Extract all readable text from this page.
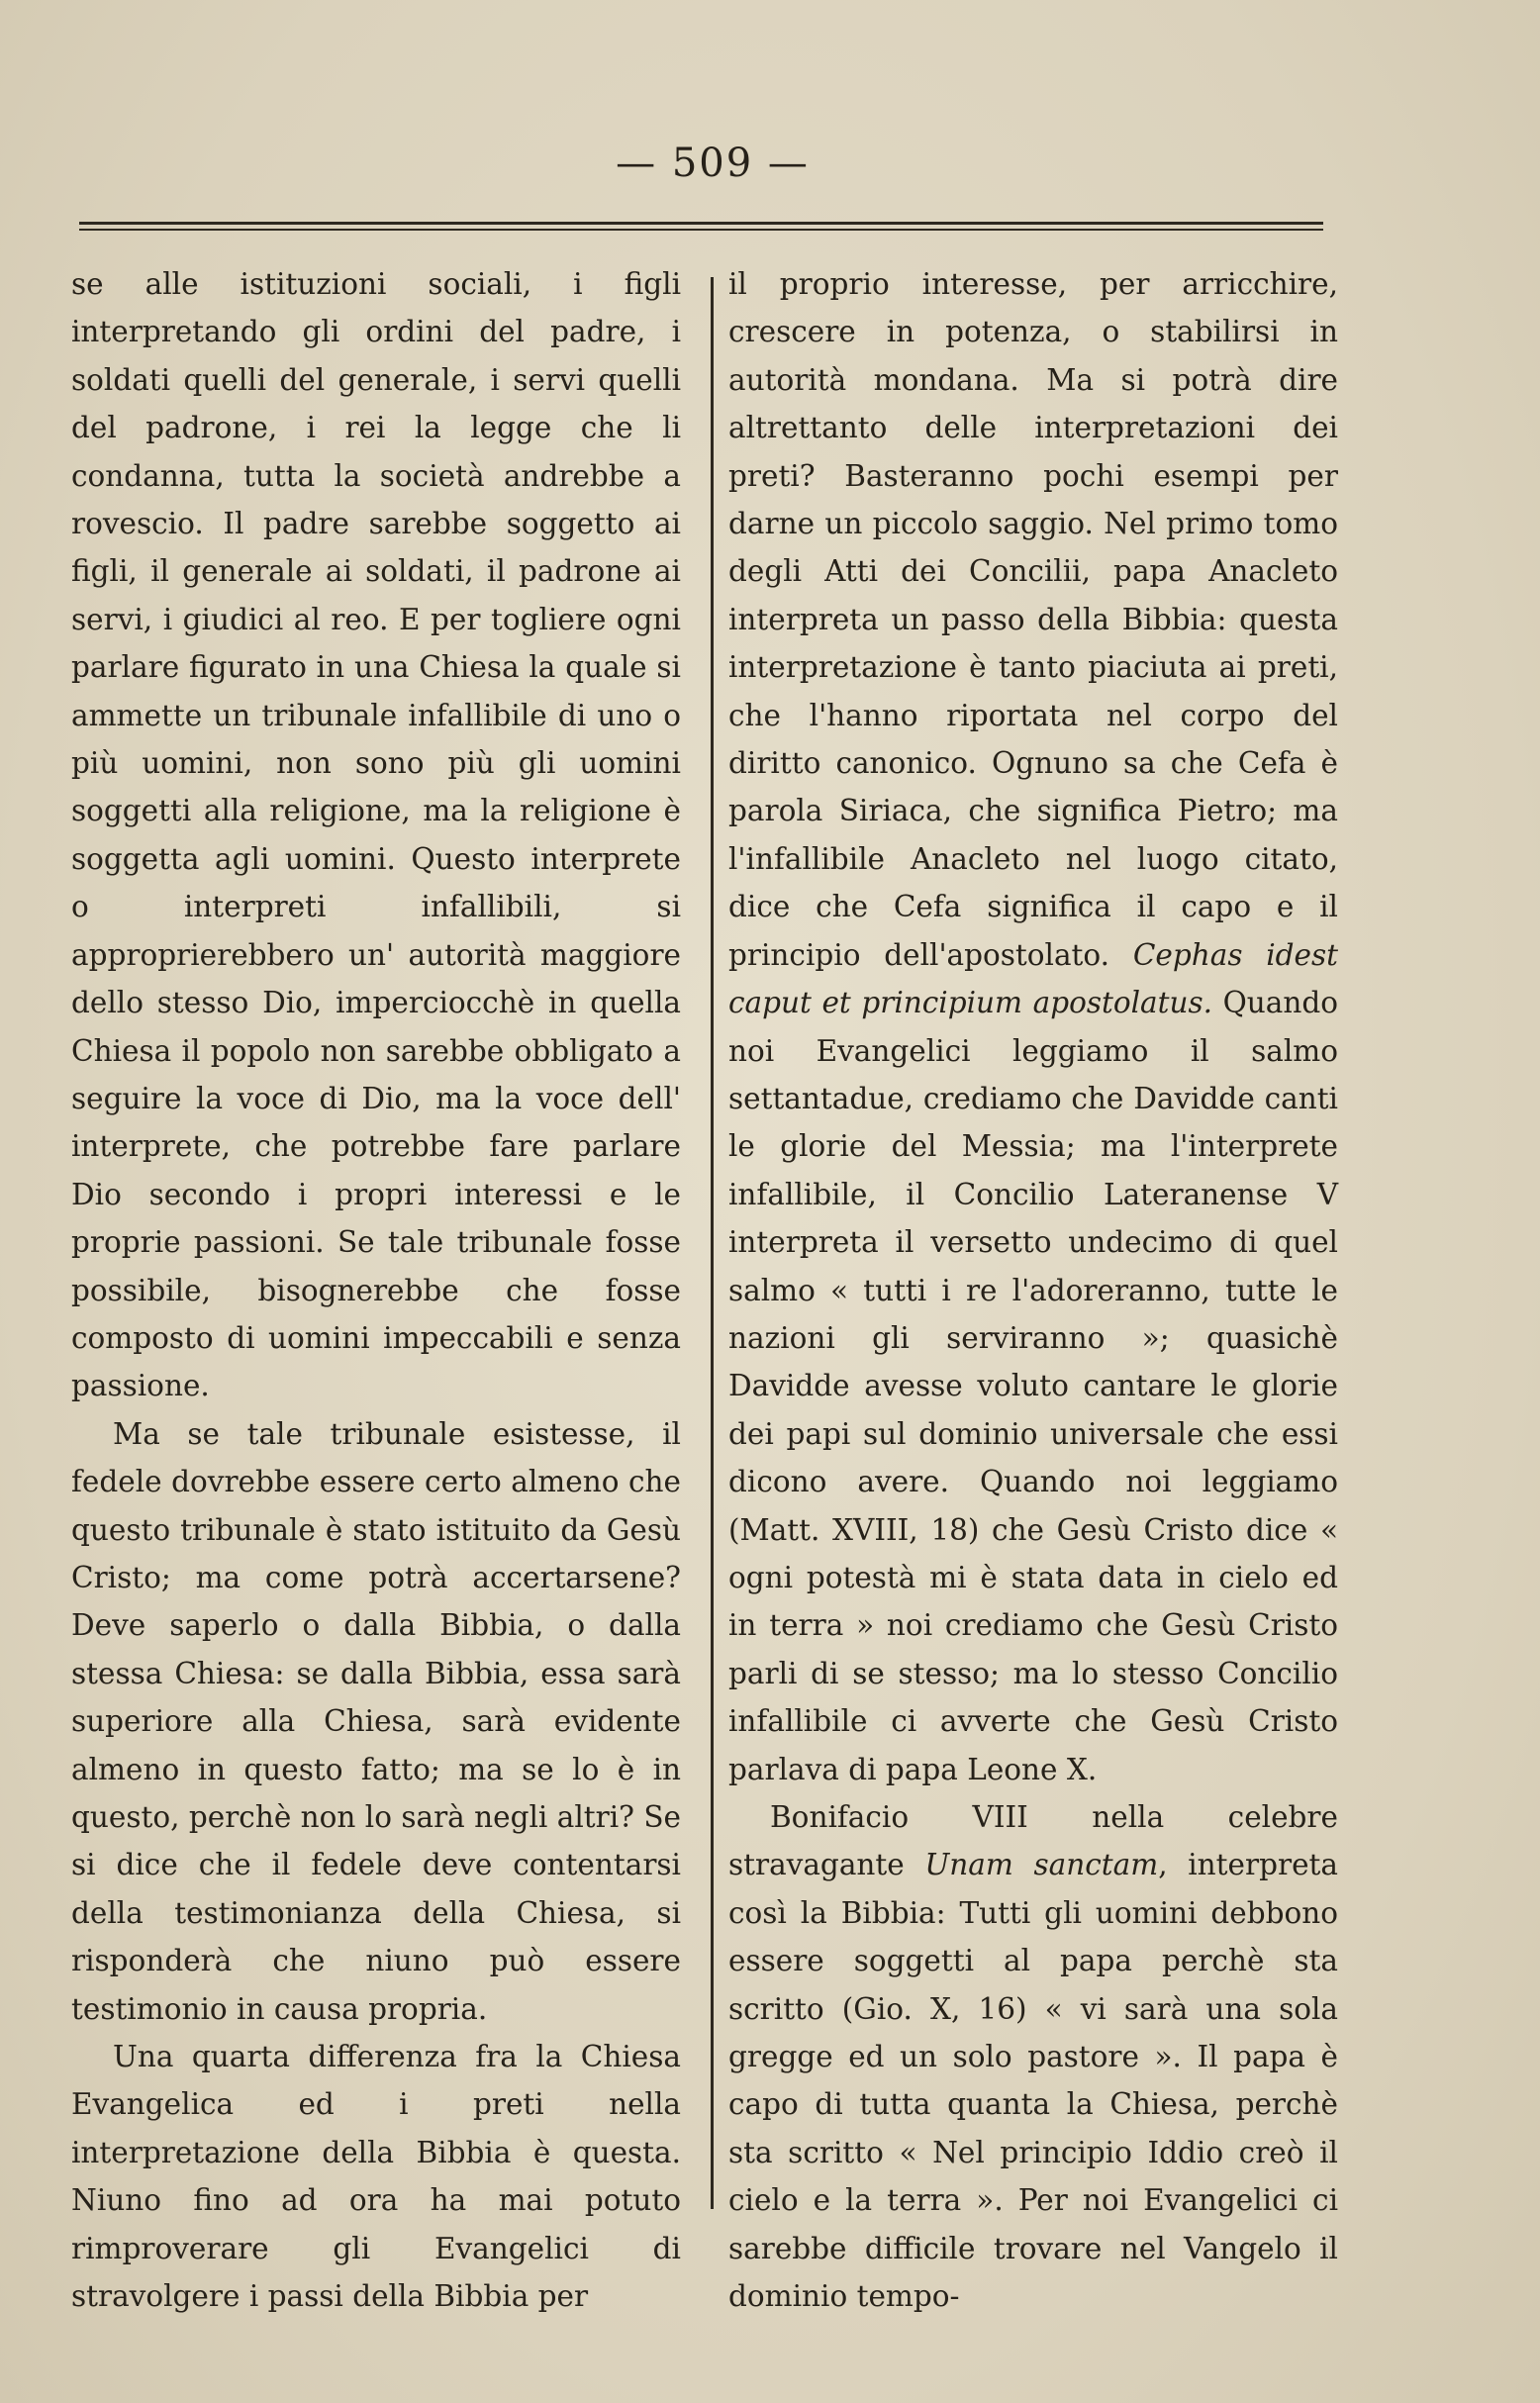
— 509 —

se alle istituzioni sociali, i figli interpretando gli ordini del padre, i soldati quelli del generale, i servi quelli del padrone, i rei la legge che li condanna, tutta la società andrebbe a rovescio. Il padre sarebbe soggetto ai figli, il generale ai soldati, il padrone ai servi, i giudici al reo. E per togliere ogni parlare figurato in una Chiesa la quale si ammette un tribunale infallibile di uno o più uomini, non sono più gli uomini soggetti alla religione, ma la religione è soggetta agli uomini. Questo interprete o interpreti infallibili, si approprierebbero un' autorità maggiore dello stesso Dio, imperciocchè in quella Chiesa il popolo non sarebbe obbligato a seguire la voce di Dio, ma la voce dell' interprete, che potrebbe fare parlare Dio secondo i propri interessi e le proprie passioni. Se tale tribunale fosse possibile, bisognerebbe che fosse composto di uomini impeccabili e senza passione.

Ma se tale tribunale esistesse, il fedele dovrebbe essere certo almeno che questo tribunale è stato istituito da Gesù Cristo; ma come potrà accertarsene? Deve saperlo o dalla Bibbia, o dalla stessa Chiesa: se dalla Bibbia, essa sarà superiore alla Chiesa, sarà evidente almeno in questo fatto; ma se lo è in questo, perchè non lo sarà negli altri? Se si dice che il fedele deve contentarsi della testimonianza della Chiesa, si risponderà che niuno può essere testimonio in causa propria.

Una quarta differenza fra la Chiesa Evangelica ed i preti nella interpretazione della Bibbia è questa. Niuno fino ad ora ha mai potuto rimproverare gli Evangelici di stravolgere i passi della Bibbia per

il proprio interesse, per arricchire, crescere in potenza, o stabilirsi in autorità mondana. Ma si potrà dire altrettanto delle interpretazioni dei preti? Basteranno pochi esempi per darne un piccolo saggio. Nel primo tomo degli Atti dei Concilii, papa Anacleto interpreta un passo della Bibbia: questa interpretazione è tanto piaciuta ai preti, che l'hanno riportata nel corpo del diritto canonico. Ognuno sa che Cefa è parola Siriaca, che significa Pietro; ma l'infallibile Anacleto nel luogo citato, dice che Cefa significa il capo e il principio dell'apostolato. Cephas idest caput et principium apostolatus. Quando noi Evangelici leggiamo il salmo settantadue, crediamo che Davidde canti le glorie del Messia; ma l'interprete infallibile, il Concilio Lateranense V interpreta il versetto undecimo di quel salmo « tutti i re l'adoreranno, tutte le nazioni gli serviranno »; quasichè Davidde avesse voluto cantare le glorie dei papi sul dominio universale che essi dicono avere. Quando noi leggiamo (Matt. XVIII, 18) che Gesù Cristo dice « ogni potestà mi è stata data in cielo ed in terra » noi crediamo che Gesù Cristo parli di se stesso; ma lo stesso Concilio infallibile ci avverte che Gesù Cristo parlava di papa Leone X.

Bonifacio VIII nella celebre stravagante Unam sanctam, interpreta così la Bibbia: Tutti gli uomini debbono essere soggetti al papa perchè sta scritto (Gio. X, 16) « vi sarà una sola gregge ed un solo pastore ». Il papa è capo di tutta quanta la Chiesa, perchè sta scritto « Nel principio Iddio creò il cielo e la terra ». Per noi Evangelici ci sarebbe difficile trovare nel Vangelo il dominio tempo-
